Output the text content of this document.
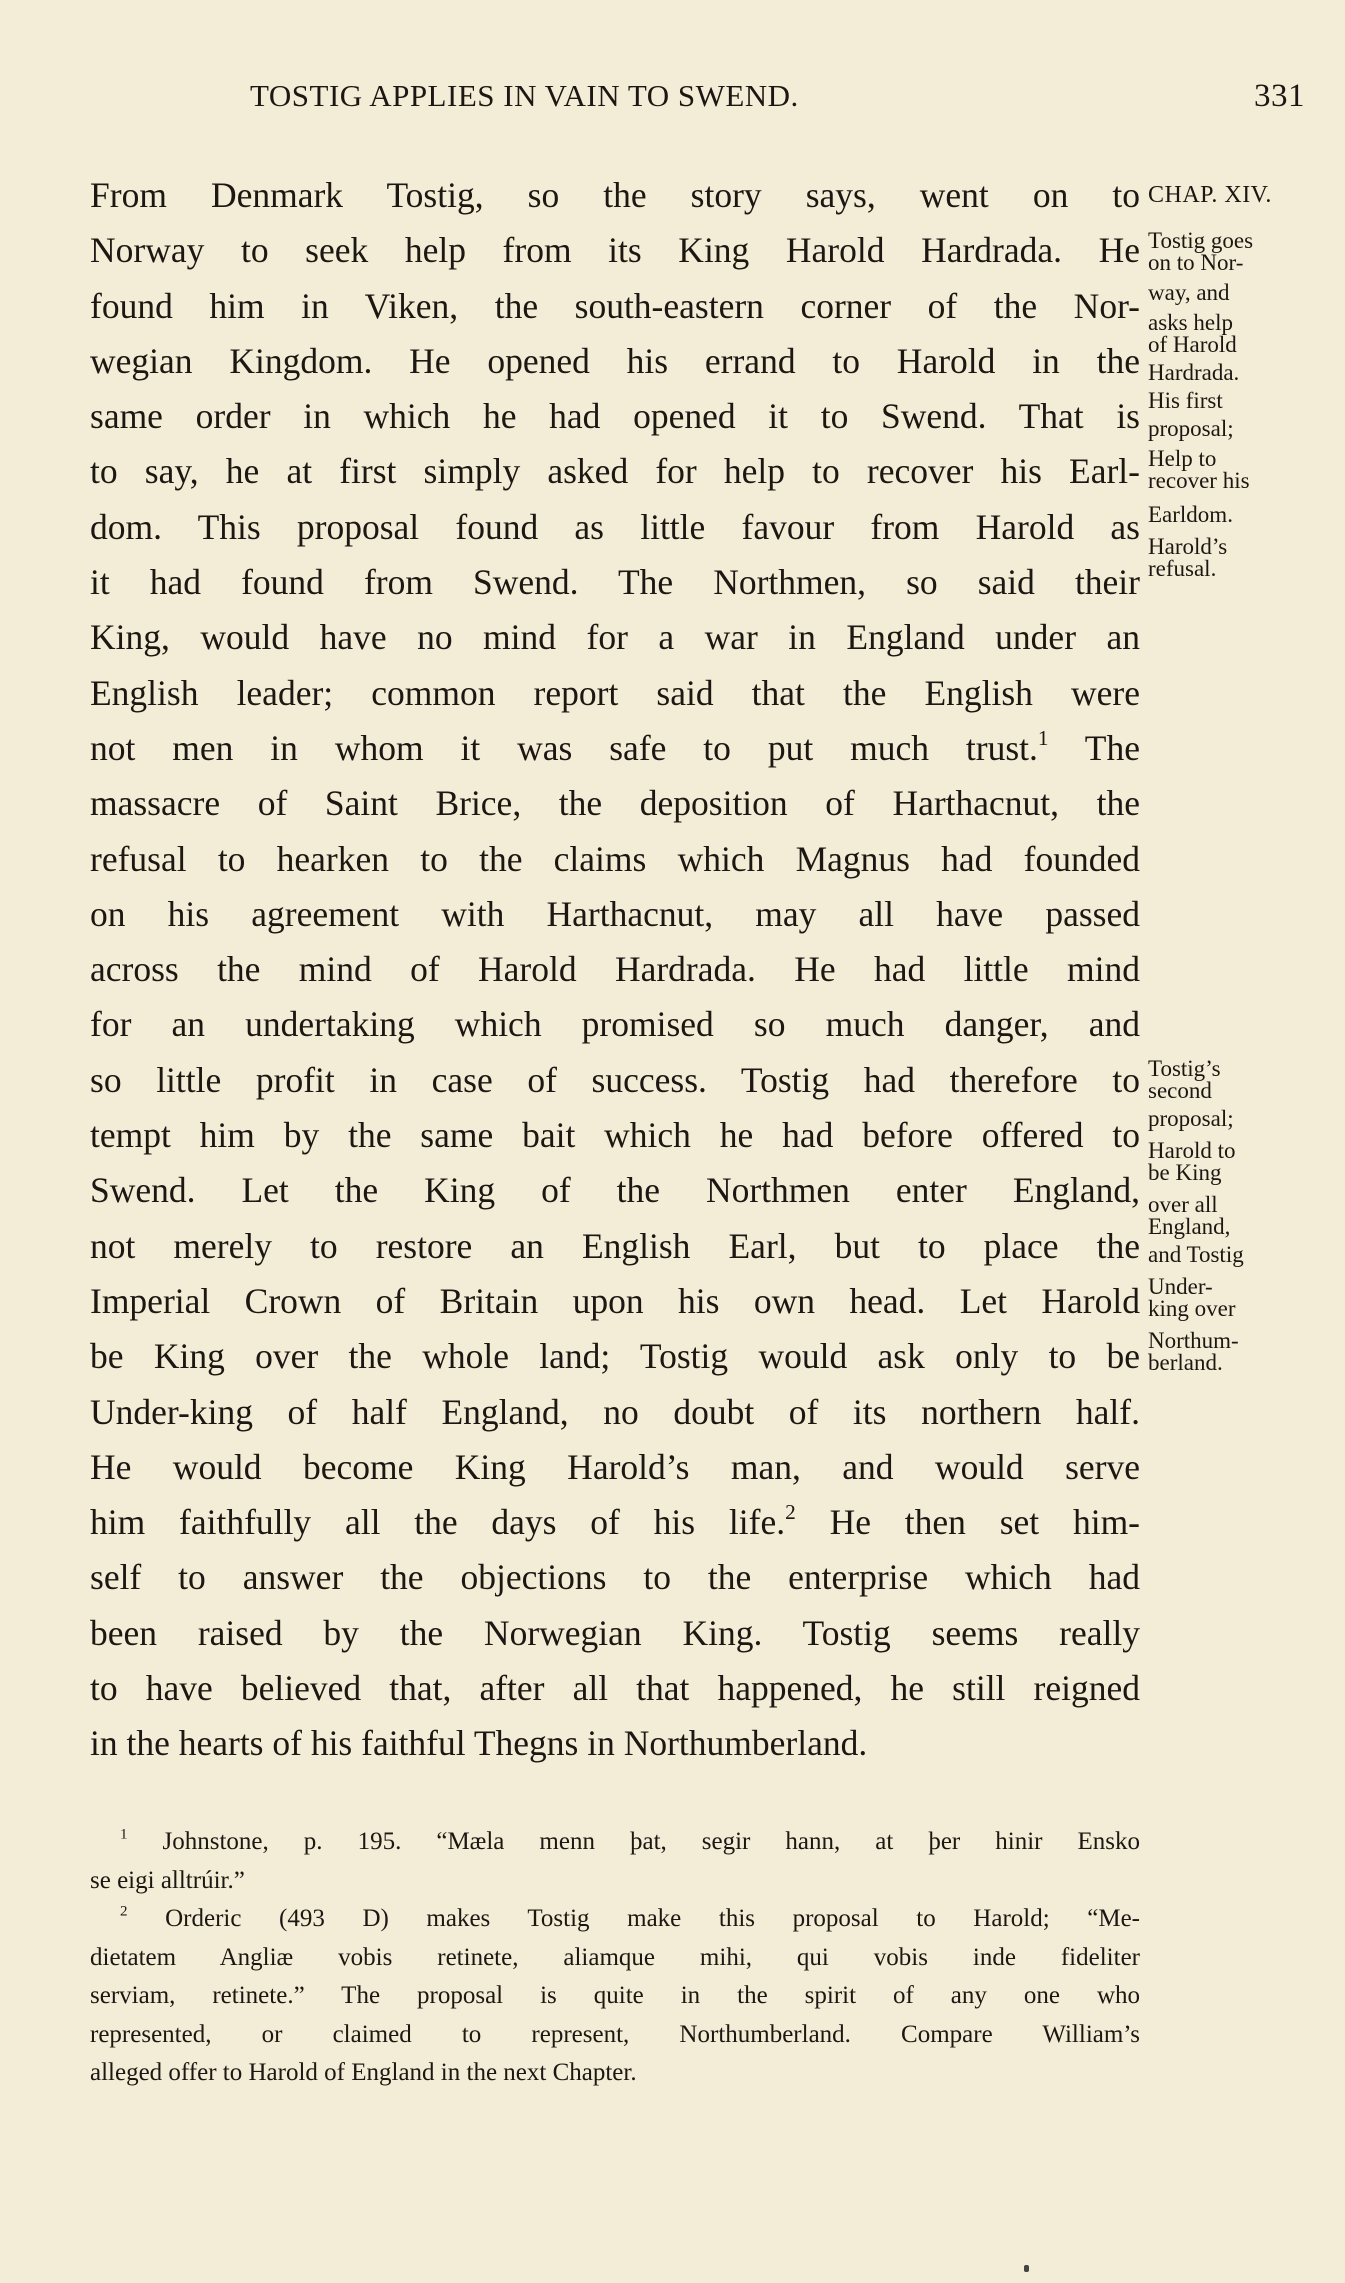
TOSTIG APPLIES IN VAIN TO SWEND.	331
From Denmark Tostig, so the story says, went on to
Norway to seek help from its King Harold Hardrada. He
found him in Viken, the south-eastern corner of the Nor-
wegian Kingdom. He opened his errand to Harold in the
same order in which he had opened it to Swend. That is
to say, he at first simply asked for help to recover his Earl-
dom. This proposal found as little favour from Harold as
it had found from Swend. The Northmen, so said their
King, would have no mind for a war in England under an
English leader; common report said that the English were
not men in whom it was safe to put much trust.$^1$ The
massacre of Saint Brice, the deposition of Harthacnut, the
refusal to hearken to the claims which Magnus had founded
on his agreement with Harthacnut, may all have passed
across the mind of Harold Hardrada. He had little mind
for an undertaking which promised so much danger, and
so little profit in case of success. Tostig had therefore to
tempt him by the same bait which he had before offered to
Swend. Let the King of the Northmen enter England,
not merely to restore an English Earl, but to place the
Imperial Crown of Britain upon his own head. Let Harold
be King over the whole land; Tostig would ask only to be
Under-king of half England, no doubt of its northern half.
He would become King Harold’s man, and would serve
him faithfully all the days of his life.$^2$ He then set him-
self to answer the objections to the enterprise which had
been raised by the Norwegian King. Tostig seems really
to have believed that, after all that happened, he still reigned
in the hearts of his faithful Thegns in Northumberland.
CHAP. XIV.
Tostig goes
on to Nor-
way, and
asks help
of Harold
Hardrada.
His first
proposal;
Help to
recover his
Earldom.
Harold’s
refusal.
Tostig’s
second
proposal;
Harold to
be King
over all
England,
and Tostig
Under-
king over
Northum-
berland.
$^1$ Johnstone, p. 195. “Mæla menn þat, segir hann, at þer hinir Ensko
se eigi alltrúir.”
$^2$ Orderic (493 D) makes Tostig make this proposal to Harold; “Me-
dietatem Angliæ vobis retinete, aliamque mihi, qui vobis inde fideliter
serviam, retinete.” The proposal is quite in the spirit of any one who
represented, or claimed to represent, Northumberland. Compare William’s
alleged offer to Harold of England in the next Chapter.
